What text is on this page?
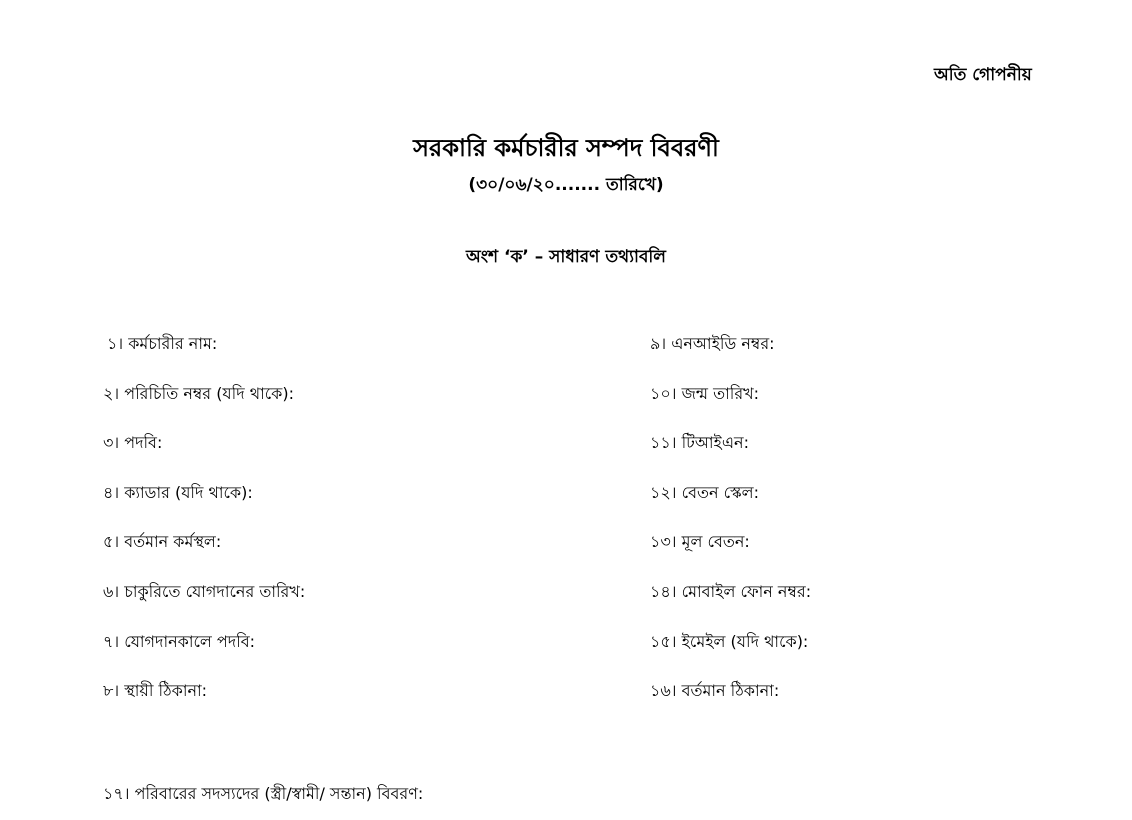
অতি গোপনীয়
সরকারি কর্মচারীর সম্পদ বিবরণী
(৩০/০৬/২০....... তারিখে)
অংশ ‘ক’ – সাধারণ তথ্যাবলি
১। কর্মচারীর নাম:
২। পরিচিতি নম্বর (যদি থাকে):
৩। পদবি:
৪। ক্যাডার (যদি থাকে):
৫। বর্তমান কর্মস্থল:
৬। চাকুরিতে যোগদানের তারিখ:
৭। যোগদানকালে পদবি:
৮। স্থায়ী ঠিকানা:
৯। এনআইডি নম্বর:
১০। জন্ম তারিখ:
১১। টিআইএন:
১২। বেতন স্কেল:
১৩। মূল বেতন:
১৪। মোবাইল ফোন নম্বর:
১৫। ইমেইল (যদি থাকে):
১৬। বর্তমান ঠিকানা:
১৭। পরিবারের সদস্যদের (স্ত্রী/স্বামী/ সন্তান) বিবরণ:
